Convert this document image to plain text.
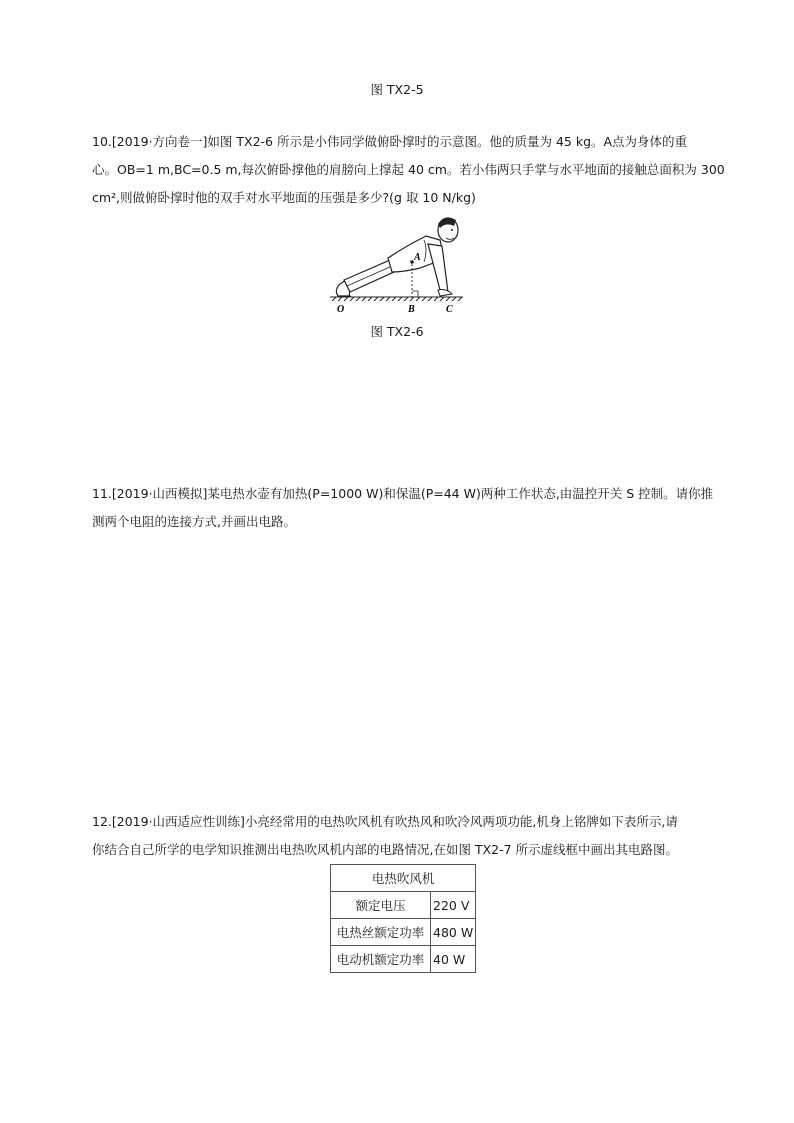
图 TX2-5
10.[2019·方向卷一]如图 TX2-6 所示是小伟同学做俯卧撑时的示意图。他的质量为 45 kg。A点为身体的重
心。OB=1 m,BC=0.5 m,每次俯卧撑他的肩膀向上撑起 40 cm。若小伟两只手掌与水平地面的接触总面积为 300
cm²,则做俯卧撑时他的双手对水平地面的压强是多少?(g 取 10 N/kg)
A
O	B	C
图 TX2-6
11.[2019·山西模拟]某电热水壶有加热(P=1000 W)和保温(P=44 W)两种工作状态,由温控开关 S 控制。请你推
测两个电阻的连接方式,并画出电路。
12.[2019·山西适应性训练]小亮经常用的电热吹风机有吹热风和吹冷风两项功能,机身上铭牌如下表所示,请
你结合自己所学的电学知识推测出电热吹风机内部的电路情况,在如图 TX2-7 所示虚线框中画出其电路图。
电热吹风机	
额定电压	220 V
电热丝额定功率	480 W
电动机额定功率	40 W
